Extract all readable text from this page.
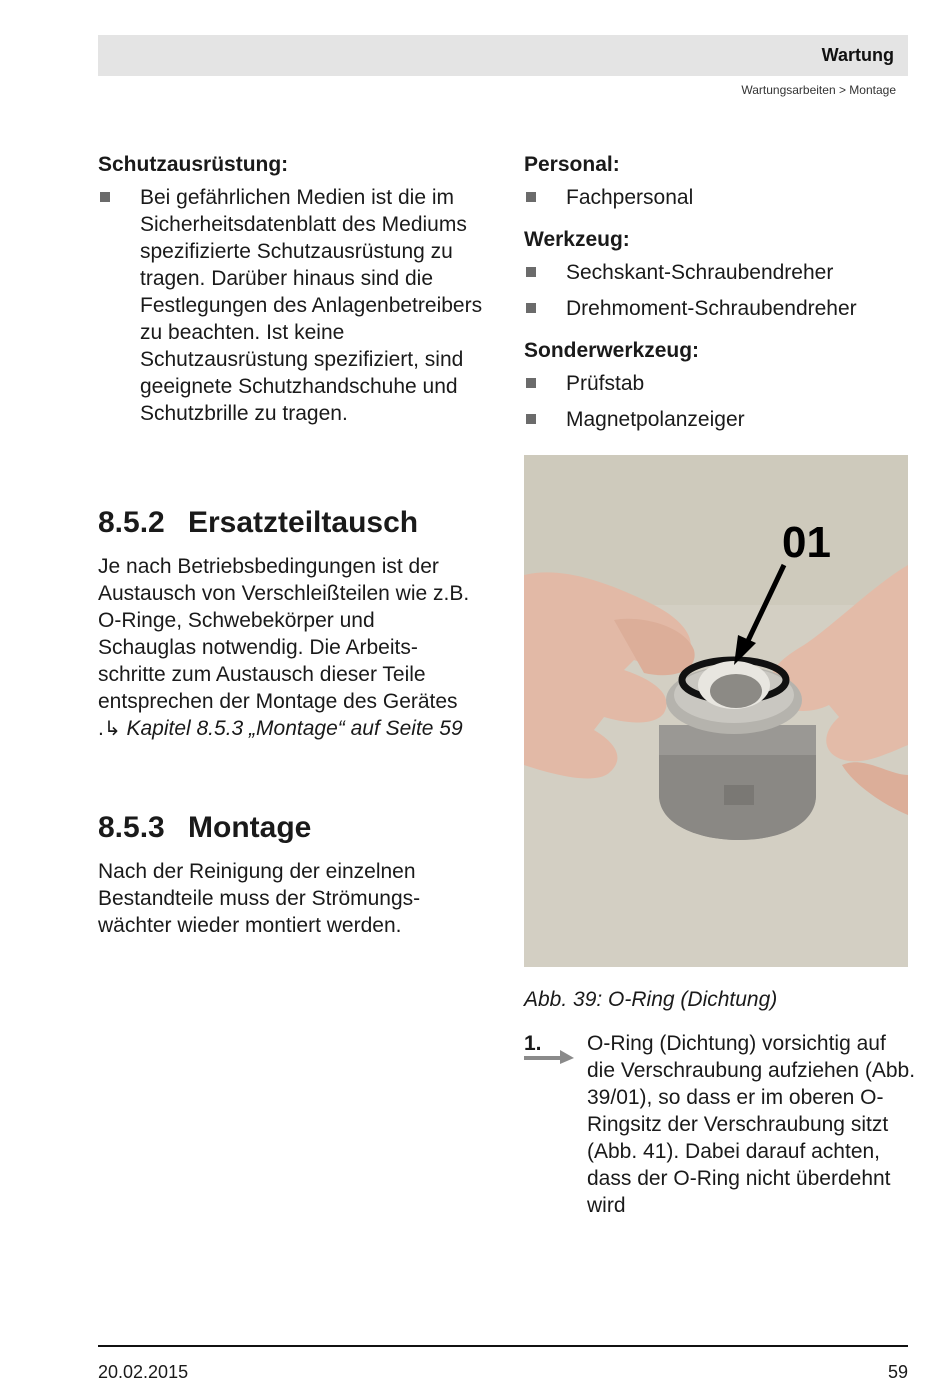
Wartung
Wartungsarbeiten > Montage

Schutzausrüstung:

Bei gefährlichen Medien ist die im Sicherheitsdatenblatt des Mediums spezifizierte Schutzausrüstung zu tragen. Darüber hinaus sind die Festlegungen des Anlagenbetreibers zu beachten. Ist keine Schutzausrüstung spezifiziert, sind geeignete Schutzhandschuhe und Schutzbrille zu tragen.

Personal:

Fachpersonal

Werkzeug:

Sechskant-Schraubendreher
Drehmoment-Schraubendreher

Sonderwerkzeug:

Prüfstab
Magnetpolanzeiger
8.5.2 Ersatzteiltausch

Je nach Betriebsbedingungen ist der Austausch von Verschleißteilen wie z.B. O-Ringe, Schwebekörper und Schauglas notwendig. Die Arbeitsschritte zum Austausch dieser Teile entsprechen der Montage des Gerätes .↳ Kapitel 8.5.3 „Montage“ auf Seite 59

8.5.3 Montage

Nach der Reinigung der einzelnen Bestandteile muss der Strömungswächter wieder montiert werden.

01
Abb. 39: O-Ring (Dichtung)
1. O-Ring (Dichtung) vorsichtig auf die Verschraubung aufziehen (Abb. 39/01), so dass er im oberen O-Ringsitz der Verschraubung sitzt (Abb. 41). Dabei darauf achten, dass der O-Ring nicht überdehnt wird
20.02.2015	59
